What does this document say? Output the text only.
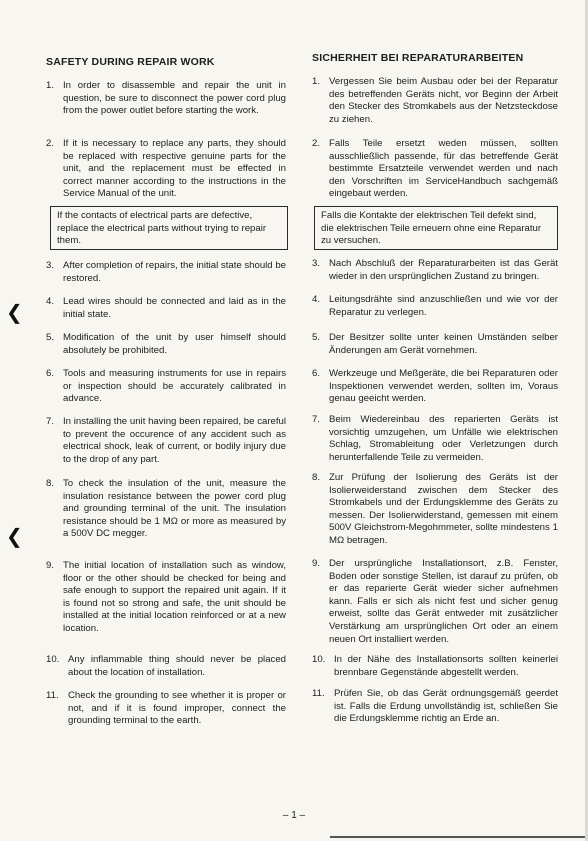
❮
❮
SAFETY DURING REPAIR WORK
1. In order to disassemble and repair the unit in question, be sure to disconnect the power cord plug from the power outlet before starting the work.
2. If it is necessary to replace any parts, they should be replaced with respective genuine parts for the unit, and the replacement must be effected in correct manner according to the instructions in the Service Manual of the unit.
If the contacts of electrical parts are defective, replace the electrical parts without trying to repair them.
3. After completion of repairs, the initial state should be restored.
4. Lead wires should be connected and laid as in the initial state.
5. Modification of the unit by user himself should absolutely be prohibited.
6. Tools and measuring instruments for use in repairs or inspection should be accurately calibrated in advance.
7. In installing the unit having been repaired, be careful to prevent the occurence of any accident such as electrical shock, leak of current, or bodily injury due to the drop of any part.
8. To check the insulation of the unit, measure the insulation resistance between the power cord plug and grounding terminal of the unit. The insulation resistance should be 1 MΩ or more as measured by a 500V DC megger.
9. The initial location of installation such as window, floor or the other should be checked for being and safe enough to support the repaired unit again. If it is found not so strong and safe, the unit should be installed at the initial location reinforced or at a new location.
10. Any inflammable thing should never be placed about the location of installation.
11. Check the grounding to see whether it is proper or not, and if it is found improper, connect the grounding terminal to the earth.
SICHERHEIT BEI REPARATURARBEITEN
1. Vergessen Sie beim Ausbau oder bei der Reparatur des betreffenden Geräts nicht, vor Beginn der Arbeit den Stecker des Stromkabels aus der Netzsteckdose zu ziehen.
2. Falls Teile ersetzt weden müssen, sollten ausschließlich passende, für das betreffende Gerät bestimmte Ersatzteile verwendet werden und nach den Vorschriften im ServiceHandbuch sachgemäß eingebaut werden.
Falls die Kontakte der elektrischen Teil defekt sind, die elektrischen Teile erneuern ohne eine Reparatur zu versuchen.
3. Nach Abschluß der Reparaturarbeiten ist das Gerät wieder in den ursprünglichen Zustand zu bringen.
4. Leitungsdrähte sind anzuschließen und wie vor der Reparatur zu verlegen.
5. Der Besitzer sollte unter keinen Umständen selber Änderungen am Gerät vornehmen.
6. Werkzeuge und Meßgeräte, die bei Reparaturen oder Inspektionen verwendet werden, sollten im, Voraus genau geeicht werden.
7. Beim Wiedereinbau des reparierten Geräts ist vorsichtig umzugehen, um Unfälle wie elektrischen Schlag, Stromableitung oder Verletzungen durch herunterfallende Teile zu vermeiden.
8. Zur Prüfung der Isolierung des Geräts ist der Isolierweiderstand zwischen dem Stecker des Stromkabels und der Erdungsklemme des Geräts zu messen. Der Isolierwiderstand, gemessen mit einem 500V Gleichstrom-Megohmmeter, sollte mindestens 1 MΩ betragen.
9. Der ursprüngliche Installationsort, z.B. Fenster, Boden oder sonstige Stellen, ist darauf zu prüfen, ob er das reparierte Gerät wieder sicher aufnehmen kann. Falls er sich als nicht fest und sicher genug erweist, sollte das Gerät entweder mit zusätzlicher Verstärkung am ursprünglichen Ort oder an einem neuen Ort installiert werden.
10. In der Nähe des Installationsorts sollten keinerlei brennbare Gegenstände abgestellt werden.
11. Prüfen Sie, ob das Gerät ordnungsgemäß geerdet ist. Falls die Erdung unvollständig ist, schließen Sie die Erdungsklemme richtig an Erde an.
– 1 –
